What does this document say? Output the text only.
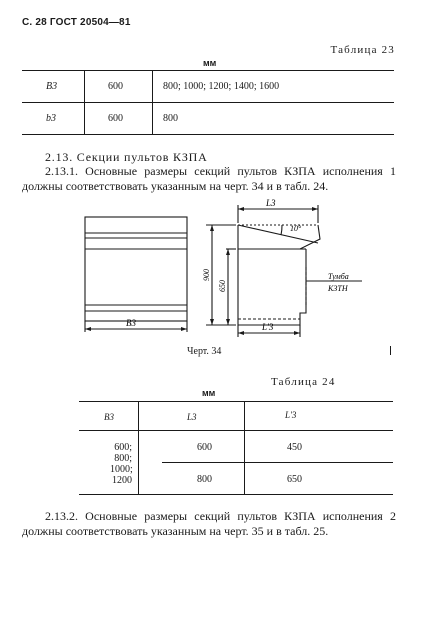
С. 28 ГОСТ 20504—81
Таблица 23
мм
B3	600	800; 1000; 1200; 1400; 1600
b3	600	800
2.13. Секции пультов КЗПА
2.13.1. Основные размеры секций пультов КЗПА исполнения 1 должны соответствовать указанным на черт. 34 и в табл. 24.
B3
L3
L'3
10°
900
650
Тумба
КЗТН
Черт. 34
Таблица 24
мм
B3	L3	L'3
600;
800;
1000;
1200
600	450
800	650
2.13.2. Основные размеры секций пультов КЗПА исполнения 2 должны соответствовать указанным на черт. 35 и в табл. 25.
